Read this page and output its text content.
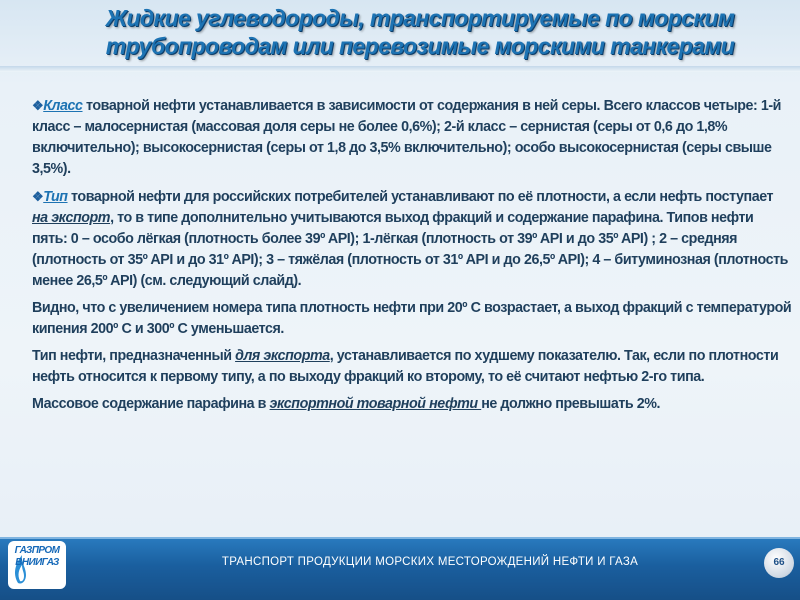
Жидкие углеводороды, транспортируемые по морским
трубопроводам или перевозимые морскими танкерами

❖Класс товарной нефти устанавливается в зависимости от содержания в ней серы. Всего классов четыре: 1-й класс – малосернистая (массовая доля серы не более 0,6%); 2-й класс – сернистая (серы от 0,6 до 1,8% включительно); высокосернистая (серы от 1,8 до 3,5% включительно); особо высокосернистая (серы свыше 3,5%).

❖Тип товарной нефти для российских потребителей устанавливают по её плотности, а если нефть поступает на экспорт, то в типе дополнительно учитываются выход фракций и содержание парафина. Типов нефти пять: 0 – особо лёгкая (плотность более 39º API); 1-лёгкая (плотность от 39º API и до 35º API) ; 2 – средняя (плотность от 35º API и до 31º API); 3 – тяжёлая (плотность от 31º API и до 26,5º API); 4 – битуминозная (плотность менее 26,5º API) (см. следующий слайд).

Видно, что с увеличением номера типа плотность нефти при 20º С возрастает, а выход фракций с температурой кипения 200º С и 300º С уменьшается.

Тип нефти, предназначенный для экспорта, устанавливается по худшему показателю. Так, если по плотности нефть относится к первому типу, а по выходу фракций ко второму, то её считают нефтью 2-го типа.

Массовое содержание парафина в экспортной товарной нефти не должно превышать 2%.

ГАЗПРОМ
ВНИИГАЗ	ТРАНСПОРТ ПРОДУКЦИИ МОРСКИХ МЕСТОРОЖДЕНИЙ НЕФТИ И ГАЗА	66
